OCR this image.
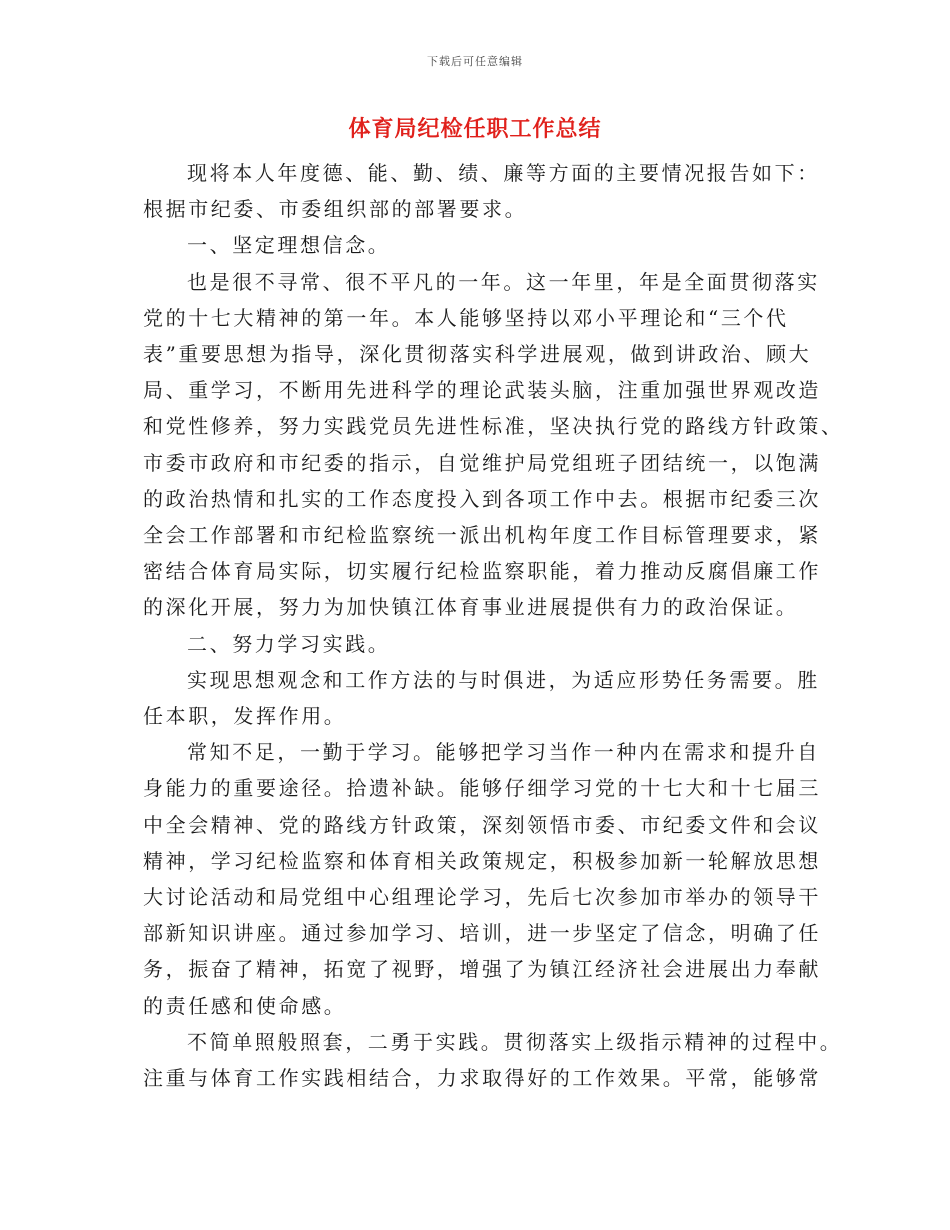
下载后可任意编辑
体育局纪检任职工作总结
现将本人年度德、能、勤、绩、廉等方面的主要情况报告如下：
根据市纪委、市委组织部的部署要求。
一、坚定理想信念。
也是很不寻常、很不平凡的一年。这一年里，年是全面贯彻落实
党的十七大精神的第一年。本人能够坚持以邓小平理论和“三个代
表”重要思想为指导，深化贯彻落实科学进展观，做到讲政治、顾大
局、重学习，不断用先进科学的理论武装头脑，注重加强世界观改造
和党性修养，努力实践党员先进性标准，坚决执行党的路线方针政策、
市委市政府和市纪委的指示，自觉维护局党组班子团结统一，以饱满
的政治热情和扎实的工作态度投入到各项工作中去。根据市纪委三次
全会工作部署和市纪检监察统一派出机构年度工作目标管理要求，紧
密结合体育局实际，切实履行纪检监察职能，着力推动反腐倡廉工作
的深化开展，努力为加快镇江体育事业进展提供有力的政治保证。
二、努力学习实践。
实现思想观念和工作方法的与时俱进，为适应形势任务需要。胜
任本职，发挥作用。
常知不足，一勤于学习。能够把学习当作一种内在需求和提升自
身能力的重要途径。拾遗补缺。能够仔细学习党的十七大和十七届三
中全会精神、党的路线方针政策，深刻领悟市委、市纪委文件和会议
精神，学习纪检监察和体育相关政策规定，积极参加新一轮解放思想
大讨论活动和局党组中心组理论学习，先后七次参加市举办的领导干
部新知识讲座。通过参加学习、培训，进一步坚定了信念，明确了任
务，振奋了精神，拓宽了视野，增强了为镇江经济社会进展出力奉献
的责任感和使命感。
不简单照般照套，二勇于实践。贯彻落实上级指示精神的过程中。
注重与体育工作实践相结合，力求取得好的工作效果。平常，能够常
